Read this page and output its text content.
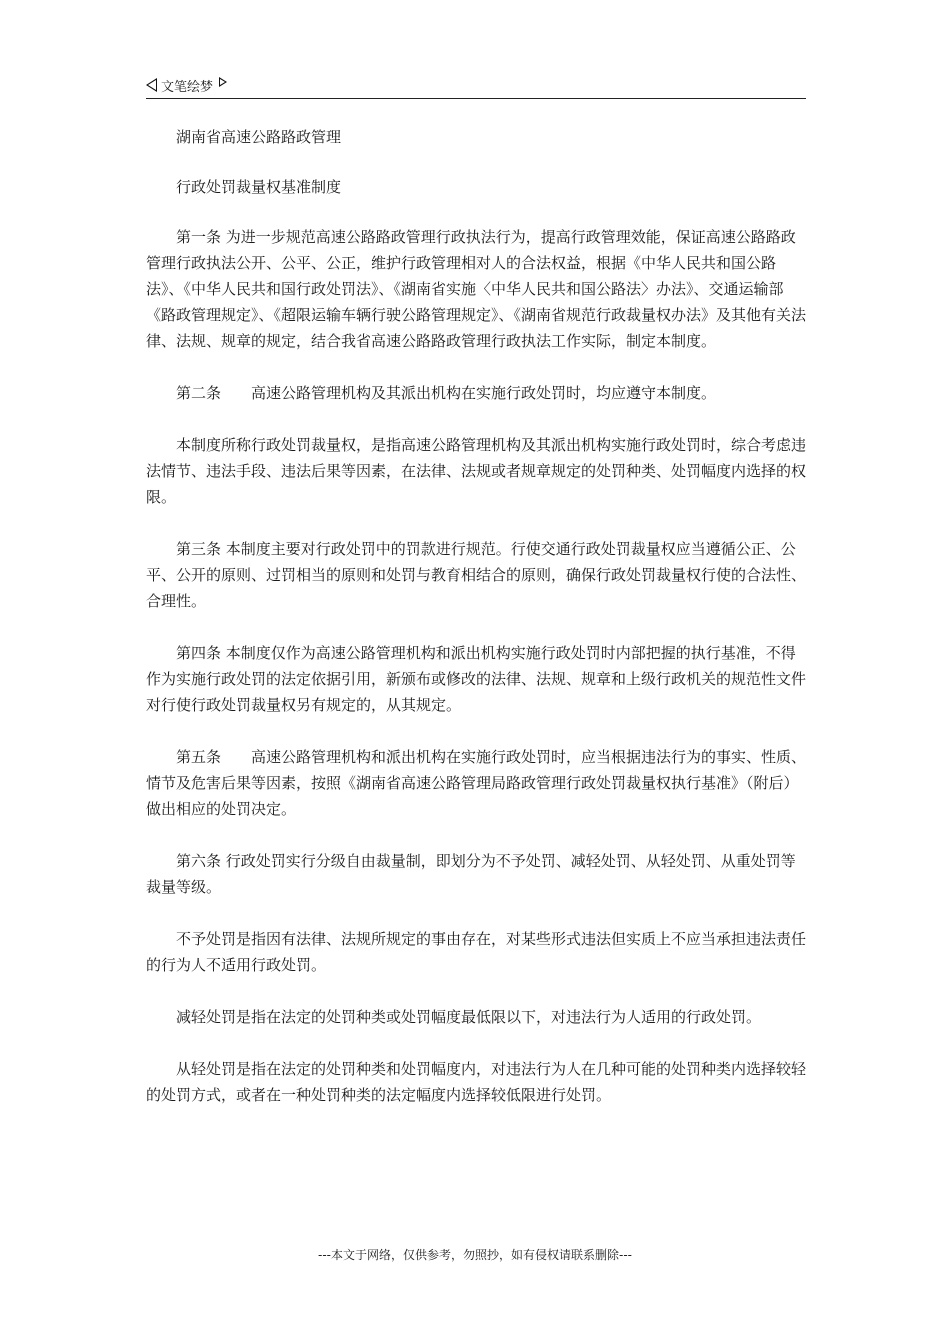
文笔绘梦

湖南省高速公路路政管理

行政处罚裁量权基准制度

第一条 为进一步规范高速公路路政管理行政执法行为，提高行政管理效能，保证高速公路路政管理行政执法公开、公平、公正，维护行政管理相对人的合法权益，根据《中华人民共和国公路法》、《中华人民共和国行政处罚法》、《湖南省实施〈中华人民共和国公路法〉办法》、交通运输部《路政管理规定》、《超限运输车辆行驶公路管理规定》、《湖南省规范行政裁量权办法》及其他有关法律、法规、规章的规定，结合我省高速公路路政管理行政执法工作实际，制定本制度。

第二条　　高速公路管理机构及其派出机构在实施行政处罚时，均应遵守本制度。

本制度所称行政处罚裁量权，是指高速公路管理机构及其派出机构实施行政处罚时，综合考虑违法情节、违法手段、违法后果等因素，在法律、法规或者规章规定的处罚种类、处罚幅度内选择的权限。

第三条 本制度主要对行政处罚中的罚款进行规范。行使交通行政处罚裁量权应当遵循公正、公平、公开的原则、过罚相当的原则和处罚与教育相结合的原则，确保行政处罚裁量权行使的合法性、合理性。

第四条 本制度仅作为高速公路管理机构和派出机构实施行政处罚时内部把握的执行基准，不得作为实施行政处罚的法定依据引用，新颁布或修改的法律、法规、规章和上级行政机关的规范性文件对行使行政处罚裁量权另有规定的，从其规定。

第五条　　高速公路管理机构和派出机构在实施行政处罚时，应当根据违法行为的事实、性质、情节及危害后果等因素，按照《湖南省高速公路管理局路政管理行政处罚裁量权执行基准》（附后）做出相应的处罚决定。

第六条 行政处罚实行分级自由裁量制，即划分为不予处罚、减轻处罚、从轻处罚、从重处罚等裁量等级。

不予处罚是指因有法律、法规所规定的事由存在，对某些形式违法但实质上不应当承担违法责任的行为人不适用行政处罚。

减轻处罚是指在法定的处罚种类或处罚幅度最低限以下，对违法行为人适用的行政处罚。

从轻处罚是指在法定的处罚种类和处罚幅度内，对违法行为人在几种可能的处罚种类内选择较轻的处罚方式，或者在一种处罚种类的法定幅度内选择较低限进行处罚。

---本文于网络，仅供参考，勿照抄，如有侵权请联系删除---
